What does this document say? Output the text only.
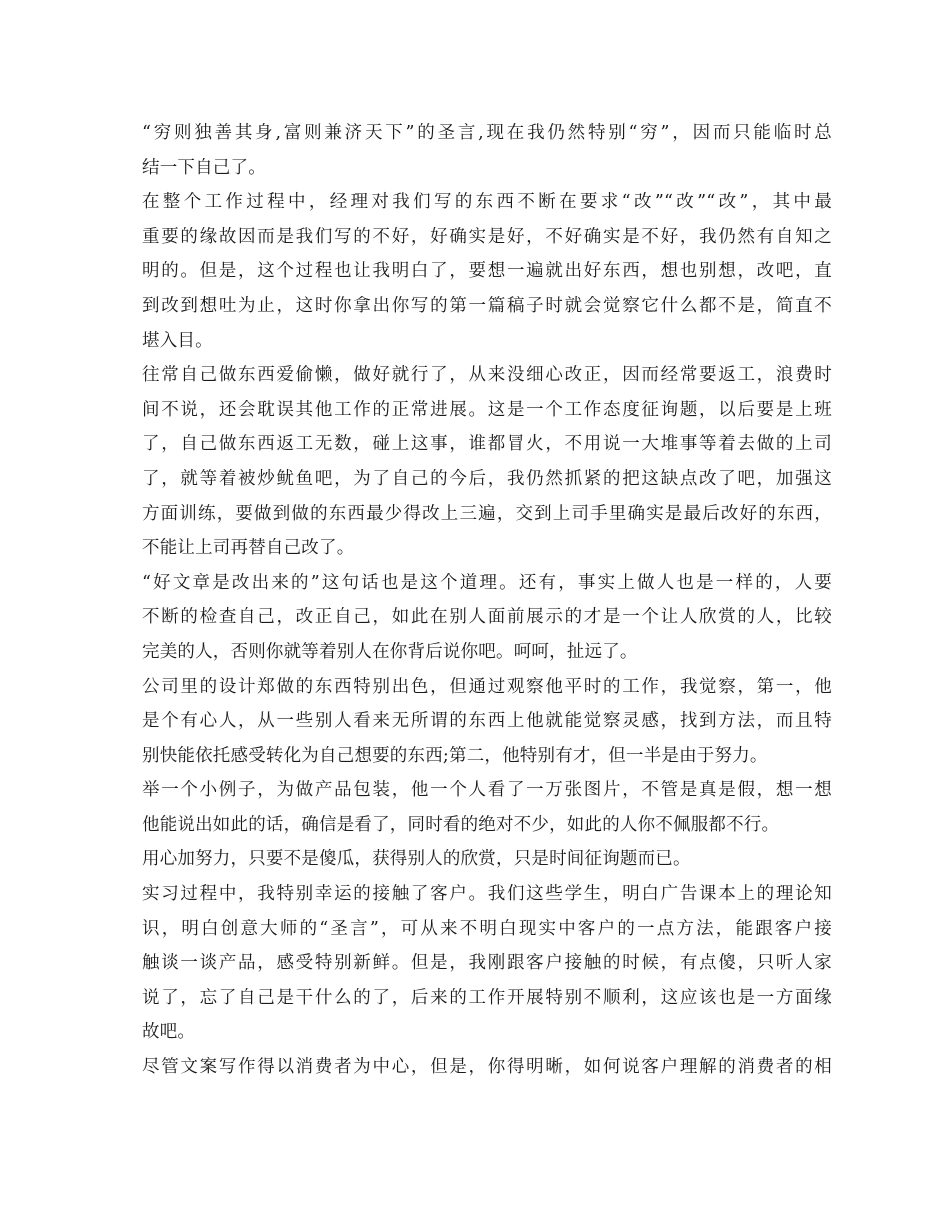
“穷则独善其身,富则兼济天下”的圣言,现在我仍然特别“穷”，因而只能临时总
结一下自己了。
在整个工作过程中，经理对我们写的东西不断在要求“改”“改”“改”，其中最
重要的缘故因而是我们写的不好，好确实是好，不好确实是不好，我仍然有自知之
明的。但是，这个过程也让我明白了，要想一遍就出好东西，想也别想，改吧，直
到改到想吐为止，这时你拿出你写的第一篇稿子时就会觉察它什么都不是，简直不
堪入目。
往常自己做东西爱偷懒，做好就行了，从来没细心改正，因而经常要返工，浪费时
间不说，还会耽误其他工作的正常进展。这是一个工作态度征询题，以后要是上班
了，自己做东西返工无数，碰上这事，谁都冒火，不用说一大堆事等着去做的上司
了，就等着被炒鱿鱼吧，为了自己的今后，我仍然抓紧的把这缺点改了吧，加强这
方面训练，要做到做的东西最少得改上三遍，交到上司手里确实是最后改好的东西，
不能让上司再替自己改了。
“好文章是改出来的”这句话也是这个道理。还有，事实上做人也是一样的，人要
不断的检查自己，改正自己，如此在别人面前展示的才是一个让人欣赏的人，比较
完美的人，否则你就等着别人在你背后说你吧。呵呵，扯远了。
公司里的设计郑做的东西特别出色，但通过观察他平时的工作，我觉察，第一，他
是个有心人，从一些别人看来无所谓的东西上他就能觉察灵感，找到方法，而且特
别快能依托感受转化为自己想要的东西;第二，他特别有才，但一半是由于努力。
举一个小例子，为做产品包装，他一个人看了一万张图片，不管是真是假，想一想
他能说出如此的话，确信是看了，同时看的绝对不少，如此的人你不佩服都不行。
用心加努力，只要不是傻瓜，获得别人的欣赏，只是时间征询题而已。
实习过程中，我特别幸运的接触了客户。我们这些学生，明白广告课本上的理论知
识，明白创意大师的“圣言”，可从来不明白现实中客户的一点方法，能跟客户接
触谈一谈产品，感受特别新鲜。但是，我刚跟客户接触的时候，有点傻，只听人家
说了，忘了自己是干什么的了，后来的工作开展特别不顺利，这应该也是一方面缘
故吧。
尽管文案写作得以消费者为中心，但是，你得明晰，如何说客户理解的消费者的相
